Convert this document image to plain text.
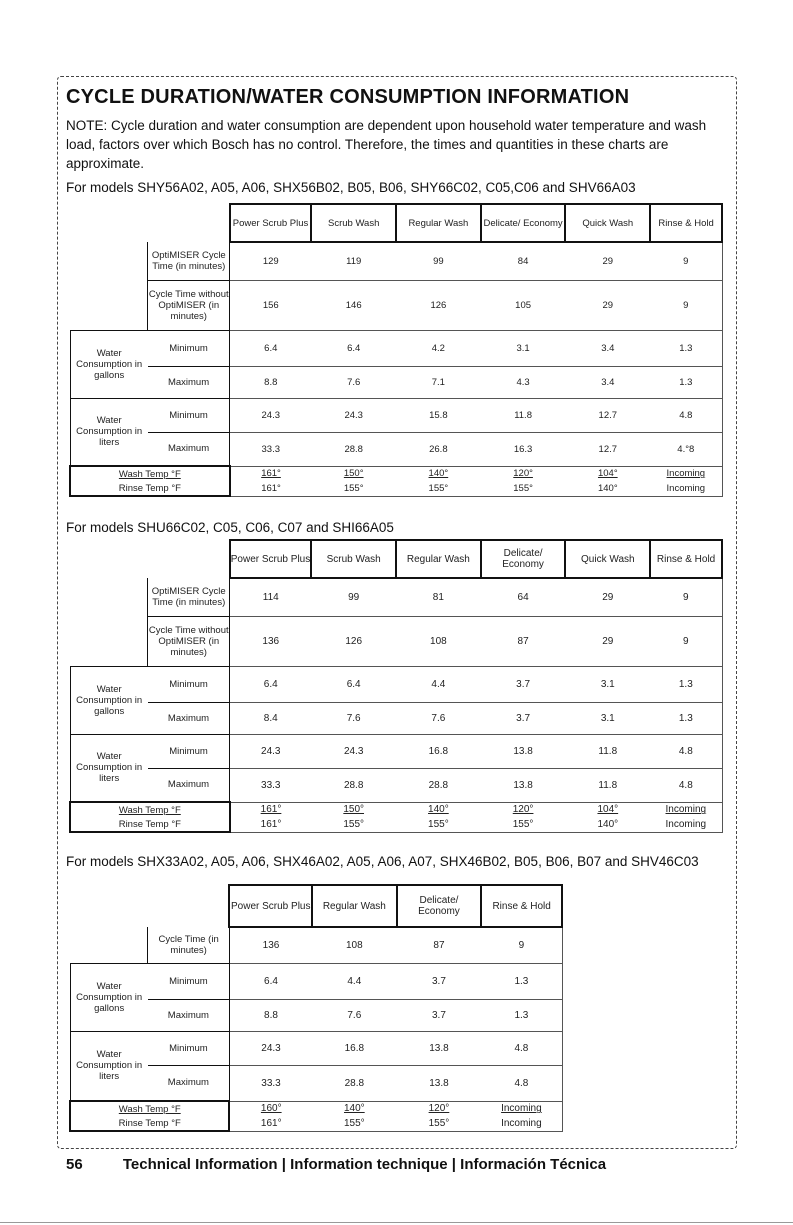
CYCLE DURATION/WATER CONSUMPTION INFORMATION
NOTE: Cycle duration and water consumption are dependent upon household water temperature and wash load, factors over which Bosch has no control. Therefore, the times and quantities in these charts are approximate.
For models SHY56A02, A05, A06, SHX56B02, B05, B06, SHY66C02, C05,C06 and SHV66A03
		Power Scrub Plus	Scrub Wash	Regular Wash	Delicate/ Economy	Quick Wash	Rinse & Hold
	OptiMISER Cycle Time (in minutes)	129	119	99	84	29	9
	Cycle Time without OptiMISER (in minutes)	156	146	126	105	29	9
Water Consumption in gallons	Minimum	6.4	6.4	4.2	3.1	3.4	1.3
	Maximum	8.8	7.6	7.1	4.3	3.4	1.3
Water Consumption in liters	Minimum	24.3	24.3	15.8	11.8	12.7	4.8
	Maximum	33.3	28.8	26.8	16.3	12.7	4.°8
Wash Temp °F		161°	150°	140°	120°	104°	Incoming
Rinse Temp °F		161°	155°	155°	155°	140°	Incoming
For models SHU66C02, C05, C06, C07 and SHI66A05
		Power Scrub Plus	Scrub Wash	Regular Wash	Delicate/ Economy	Quick Wash	Rinse & Hold
	OptiMISER Cycle Time (in minutes)	114	99	81	64	29	9
	Cycle Time without OptiMISER (in minutes)	136	126	108	87	29	9
Water Consumption in gallons	Minimum	6.4	6.4	4.4	3.7	3.1	1.3
	Maximum	8.4	7.6	7.6	3.7	3.1	1.3
Water Consumption in liters	Minimum	24.3	24.3	16.8	13.8	11.8	4.8
	Maximum	33.3	28.8	28.8	13.8	11.8	4.8
Wash Temp °F		161°	150°	140°	120°	104°	Incoming
Rinse Temp °F		161°	155°	155°	155°	140°	Incoming
For models SHX33A02, A05, A06, SHX46A02, A05, A06, A07, SHX46B02, B05, B06, B07 and SHV46C03
		Power Scrub Plus	Regular Wash	Delicate/ Economy	Rinse & Hold
	Cycle Time (in minutes)	136	108	87	9
Water Consumption in gallons	Minimum	6.4	4.4	3.7	1.3
	Maximum	8.8	7.6	3.7	1.3
Water Consumption in liters	Minimum	24.3	16.8	13.8	4.8
	Maximum	33.3	28.8	13.8	4.8
Wash Temp °F		160°	140°	120°	Incoming
Rinse Temp °F		161°	155°	155°	Incoming
56	Technical Information | Information technique | Información Técnica
